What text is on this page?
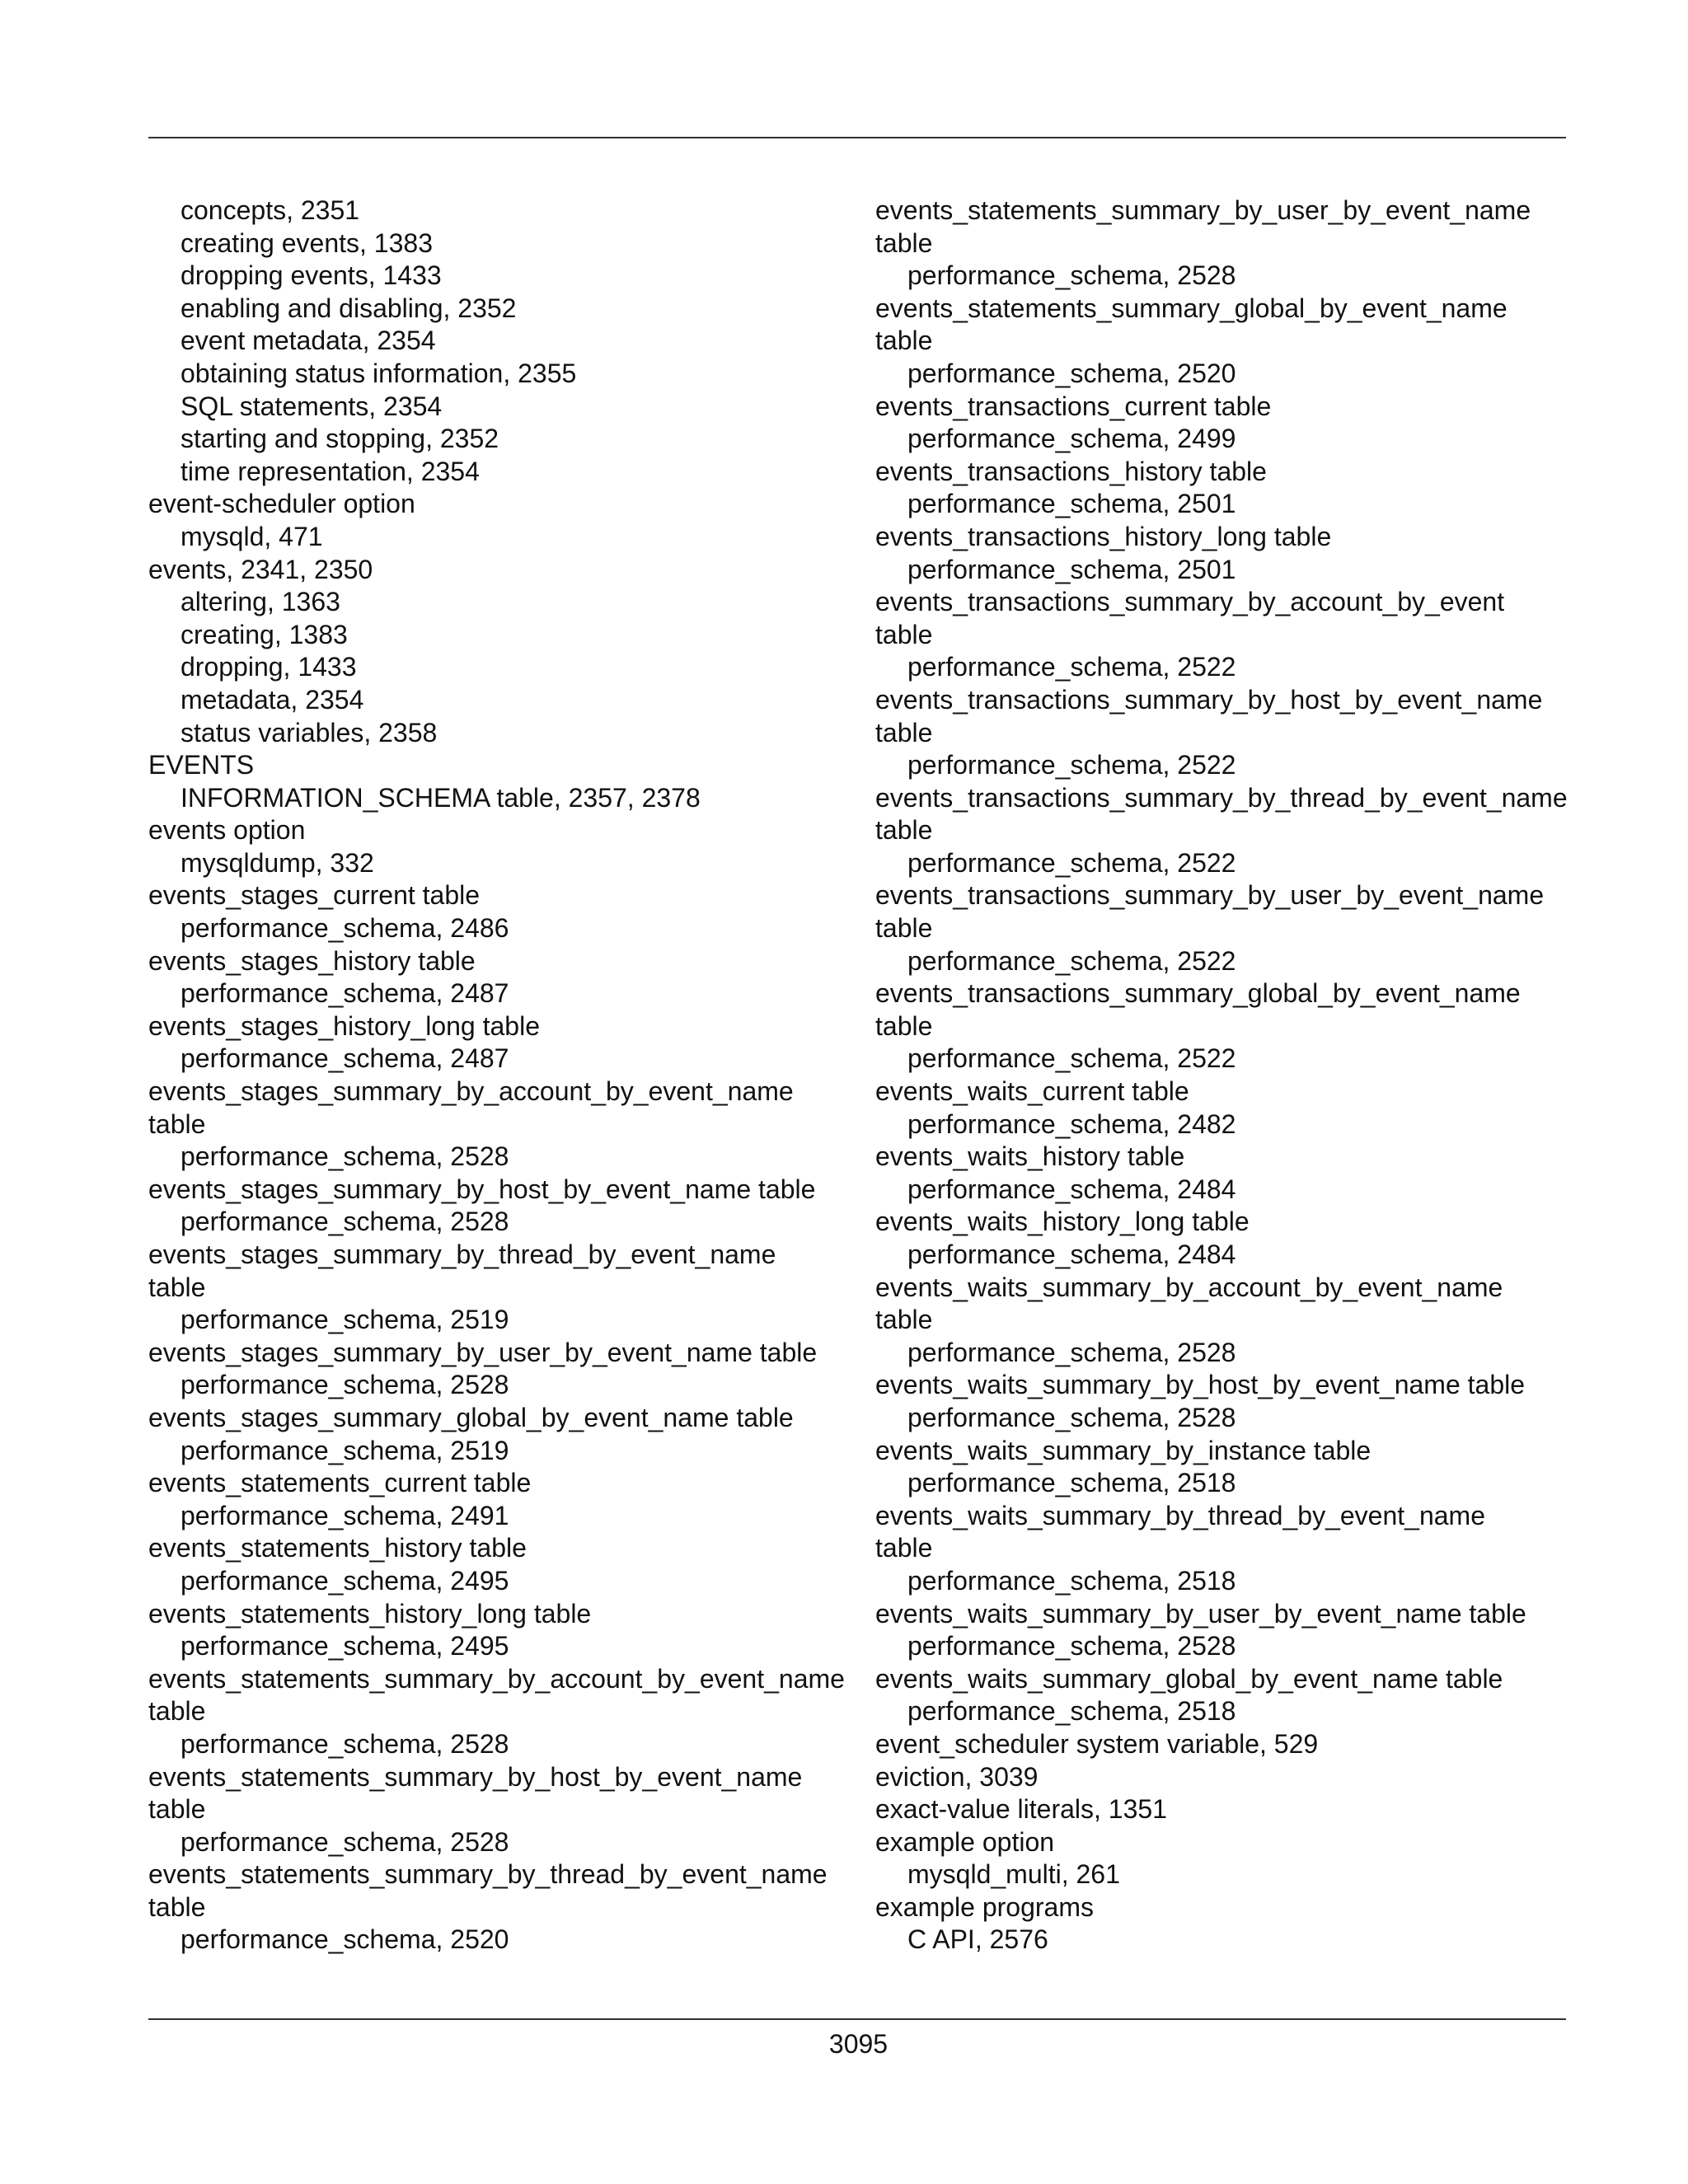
concepts, 2351
creating events, 1383
dropping events, 1433
enabling and disabling, 2352
event metadata, 2354
obtaining status information, 2355
SQL statements, 2354
starting and stopping, 2352
time representation, 2354
event-scheduler option
mysqld, 471
events, 2341, 2350
altering, 1363
creating, 1383
dropping, 1433
metadata, 2354
status variables, 2358
EVENTS
INFORMATION_SCHEMA table, 2357, 2378
events option
mysqldump, 332
events_stages_current table
performance_schema, 2486
events_stages_history table
performance_schema, 2487
events_stages_history_long table
performance_schema, 2487
events_stages_summary_by_account_by_event_name
table
performance_schema, 2528
events_stages_summary_by_host_by_event_name table
performance_schema, 2528
events_stages_summary_by_thread_by_event_name
table
performance_schema, 2519
events_stages_summary_by_user_by_event_name table
performance_schema, 2528
events_stages_summary_global_by_event_name table
performance_schema, 2519
events_statements_current table
performance_schema, 2491
events_statements_history table
performance_schema, 2495
events_statements_history_long table
performance_schema, 2495
events_statements_summary_by_account_by_event_name
table
performance_schema, 2528
events_statements_summary_by_host_by_event_name
table
performance_schema, 2528
events_statements_summary_by_thread_by_event_name
table
performance_schema, 2520
events_statements_summary_by_user_by_event_name
table
performance_schema, 2528
events_statements_summary_global_by_event_name
table
performance_schema, 2520
events_transactions_current table
performance_schema, 2499
events_transactions_history table
performance_schema, 2501
events_transactions_history_long table
performance_schema, 2501
events_transactions_summary_by_account_by_event
table
performance_schema, 2522
events_transactions_summary_by_host_by_event_name
table
performance_schema, 2522
events_transactions_summary_by_thread_by_event_name
table
performance_schema, 2522
events_transactions_summary_by_user_by_event_name
table
performance_schema, 2522
events_transactions_summary_global_by_event_name
table
performance_schema, 2522
events_waits_current table
performance_schema, 2482
events_waits_history table
performance_schema, 2484
events_waits_history_long table
performance_schema, 2484
events_waits_summary_by_account_by_event_name
table
performance_schema, 2528
events_waits_summary_by_host_by_event_name table
performance_schema, 2528
events_waits_summary_by_instance table
performance_schema, 2518
events_waits_summary_by_thread_by_event_name
table
performance_schema, 2518
events_waits_summary_by_user_by_event_name table
performance_schema, 2528
events_waits_summary_global_by_event_name table
performance_schema, 2518
event_scheduler system variable, 529
eviction, 3039
exact-value literals, 1351
example option
mysqld_multi, 261
example programs
C API, 2576
3095
